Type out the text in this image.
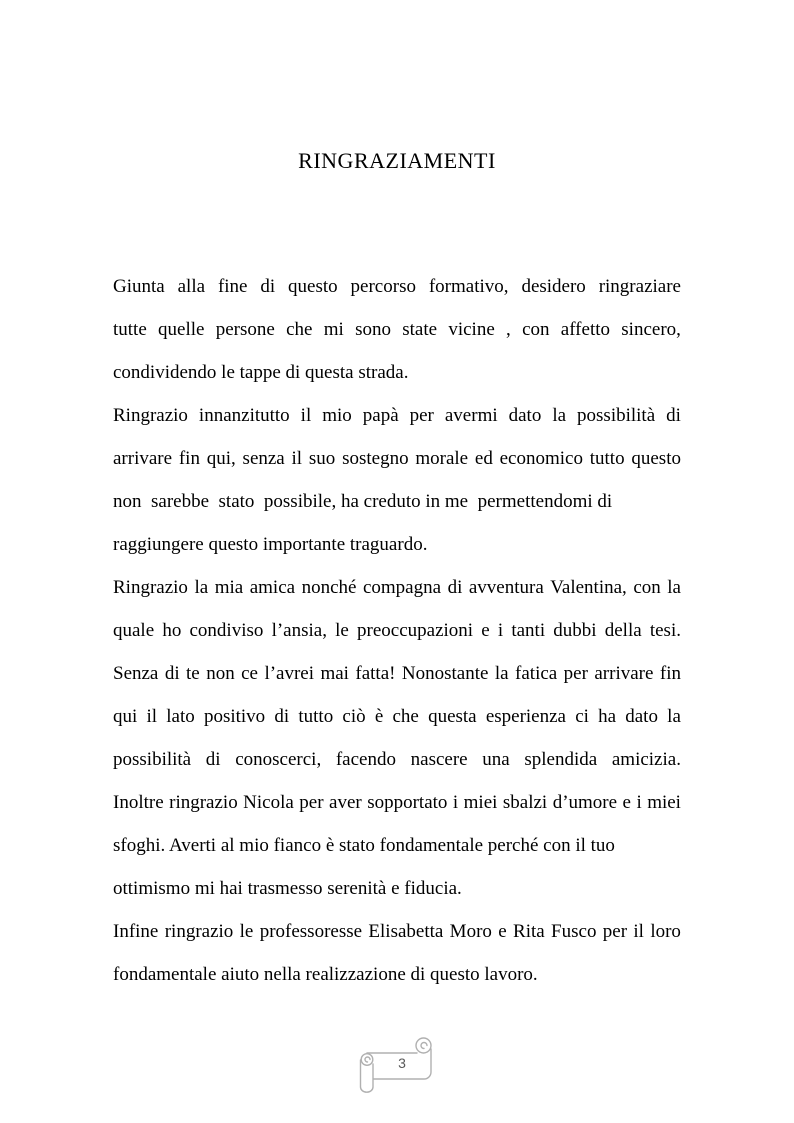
RINGRAZIAMENTI
Giunta alla fine di questo percorso formativo, desidero ringraziare
tutte quelle persone che mi sono state vicine , con affetto sincero,
condividendo le tappe di questa strada.
Ringrazio innanzitutto il mio papà per avermi dato la possibilità di
arrivare fin qui, senza il suo sostegno morale ed economico tutto questo
non  sarebbe  stato  possibile, ha creduto in me  permettendomi di
raggiungere questo importante traguardo.
Ringrazio la mia amica nonché compagna di avventura Valentina, con la
quale ho condiviso l’ansia, le preoccupazioni e i tanti dubbi della tesi.
Senza di te non ce l’avrei mai fatta! Nonostante la fatica per arrivare fin
qui il lato positivo di tutto ciò è che questa esperienza ci ha dato la
possibilità di conoscerci, facendo nascere una splendida amicizia.
Inoltre ringrazio Nicola per aver sopportato i miei sbalzi d’umore e i miei
sfoghi. Averti al mio fianco è stato fondamentale perché con il tuo
ottimismo mi hai trasmesso serenità e fiducia.
Infine ringrazio le professoresse Elisabetta Moro e Rita Fusco per il loro
fondamentale aiuto nella realizzazione di questo lavoro.
3
